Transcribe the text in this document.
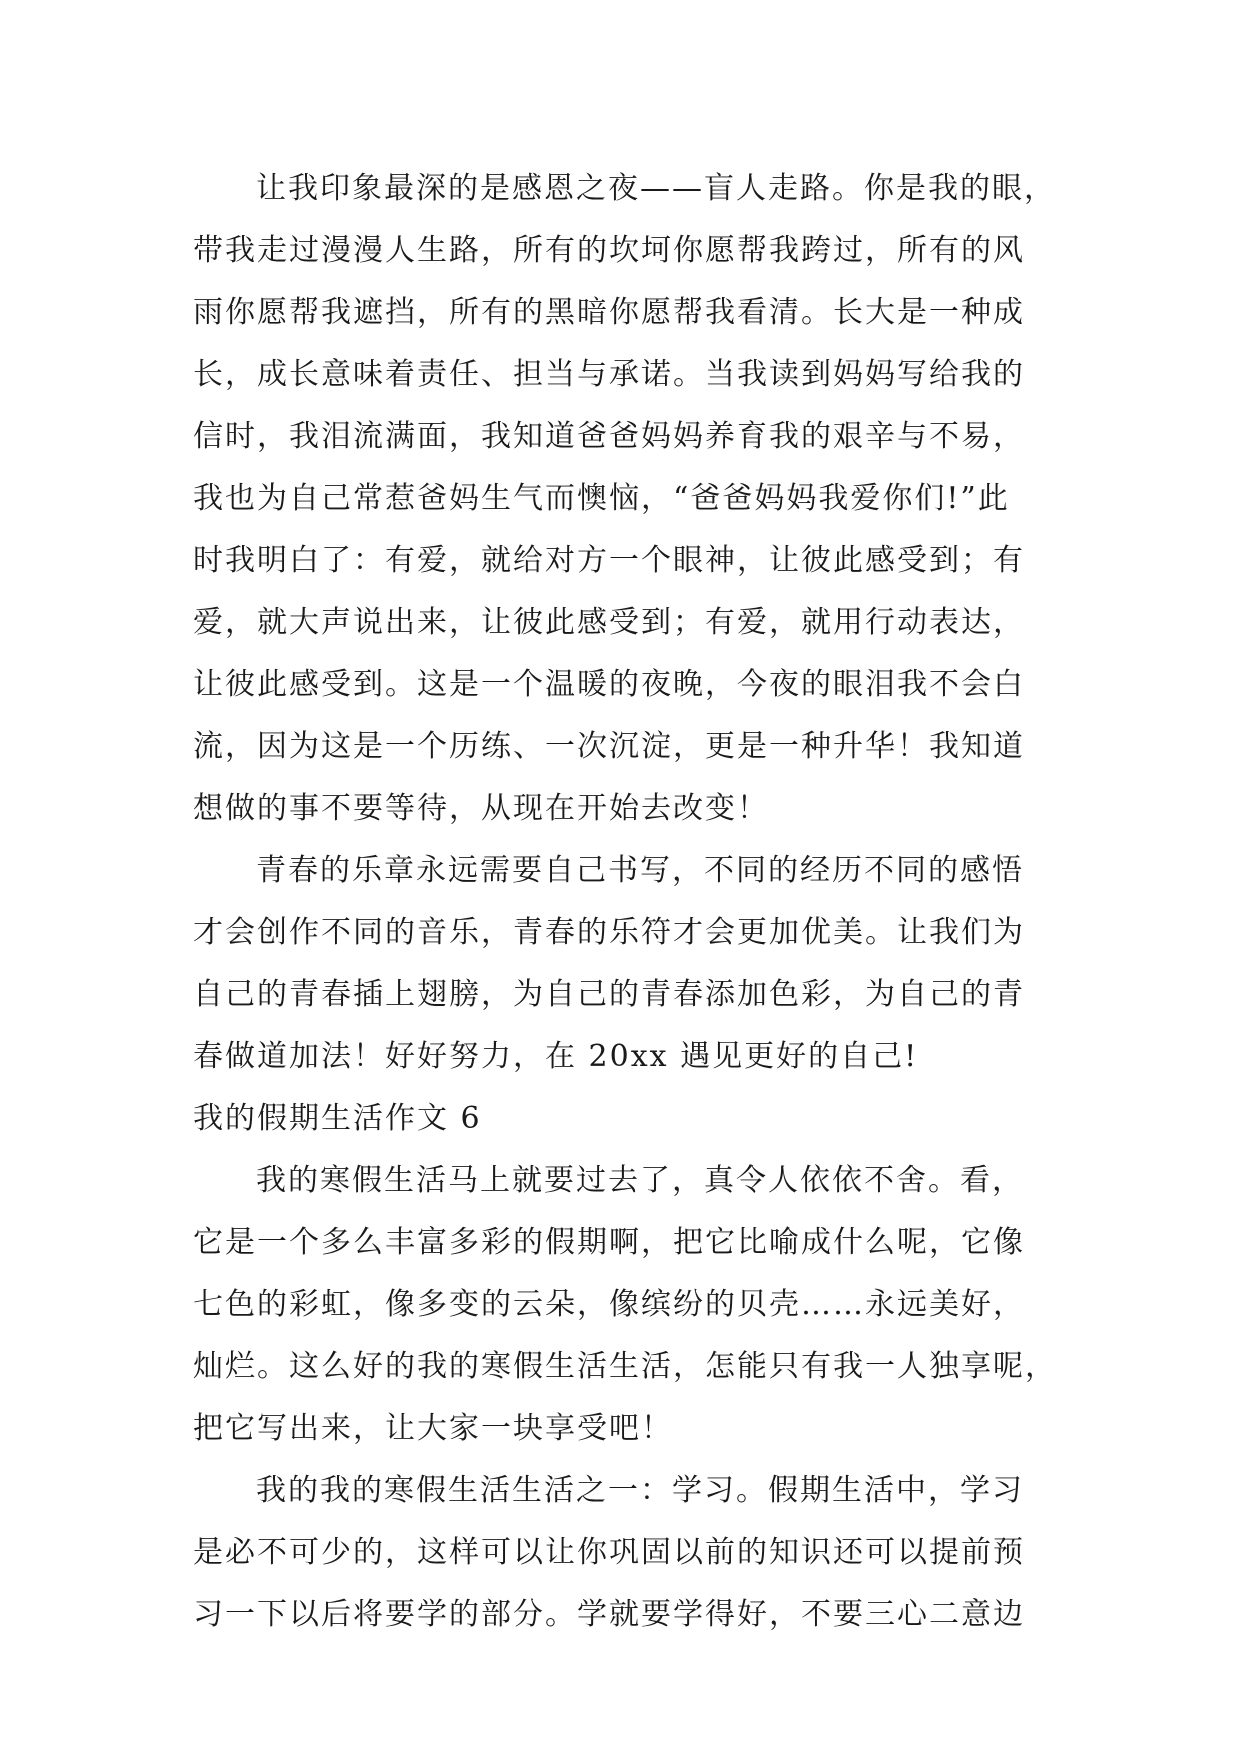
让我印象最深的是感恩之夜——盲人走路。你是我的眼，
带我走过漫漫人生路，所有的坎坷你愿帮我跨过，所有的风
雨你愿帮我遮挡，所有的黑暗你愿帮我看清。长大是一种成
长，成长意味着责任、担当与承诺。当我读到妈妈写给我的
信时，我泪流满面，我知道爸爸妈妈养育我的艰辛与不易，
我也为自己常惹爸妈生气而懊恼，“爸爸妈妈我爱你们!”此
时我明白了：有爱，就给对方一个眼神，让彼此感受到；有
爱，就大声说出来，让彼此感受到；有爱，就用行动表达，
让彼此感受到。这是一个温暖的夜晚，今夜的眼泪我不会白
流，因为这是一个历练、一次沉淀，更是一种升华！我知道
想做的事不要等待，从现在开始去改变！
青春的乐章永远需要自己书写，不同的经历不同的感悟
才会创作不同的音乐，青春的乐符才会更加优美。让我们为
自己的青春插上翅膀，为自己的青春添加色彩，为自己的青
春做道加法！好好努力，在 20xx 遇见更好的自己!
我的假期生活作文 6
我的寒假生活马上就要过去了，真令人依依不舍。看，
它是一个多么丰富多彩的假期啊，把它比喻成什么呢，它像
七色的彩虹，像多变的云朵，像缤纷的贝壳……永远美好，
灿烂。这么好的我的寒假生活生活，怎能只有我一人独享呢，
把它写出来，让大家一块享受吧！
我的我的寒假生活生活之一：学习。假期生活中，学习
是必不可少的，这样可以让你巩固以前的知识还可以提前预
习一下以后将要学的部分。学就要学得好，不要三心二意边
